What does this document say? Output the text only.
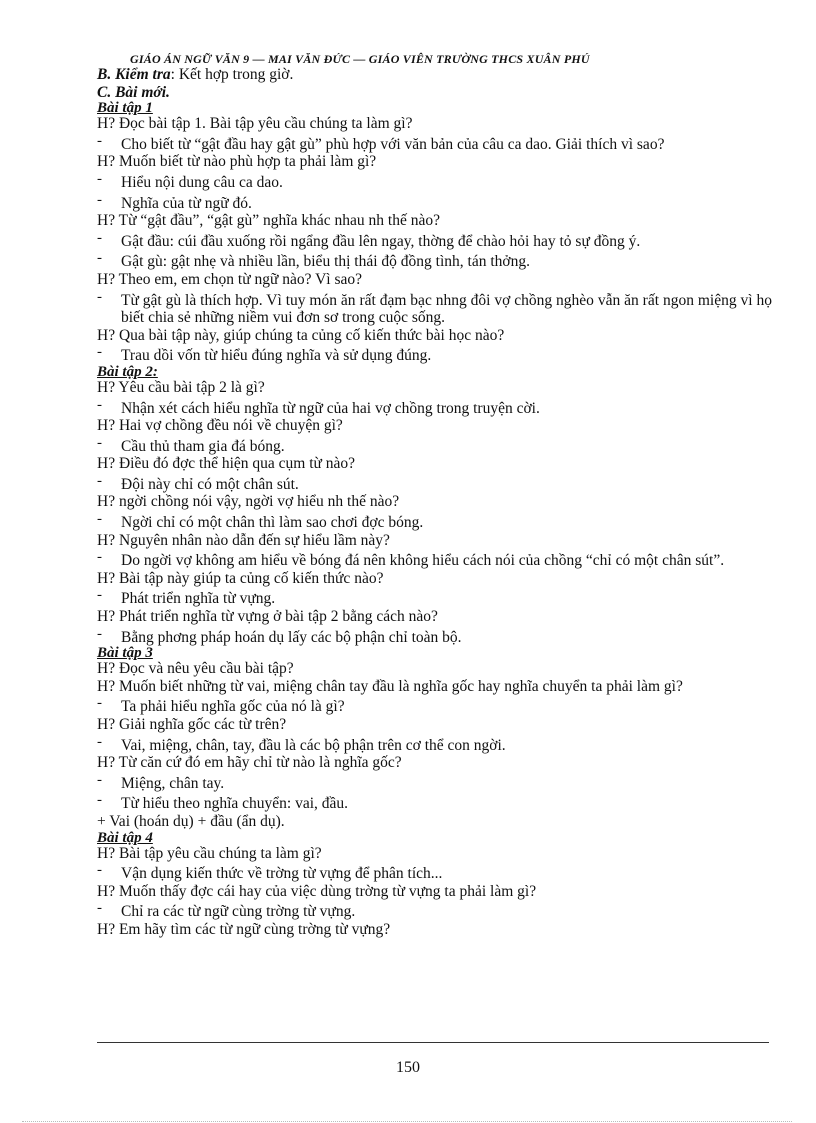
GIÁO ÁN NGỮ VĂN 9 — MAI VĂN ĐỨC — GIÁO VIÊN TRƯỜNG THCS XUÂN PHÚ
B. Kiểm tra: Kết hợp trong giờ.
C. Bài mới.
Bài tập 1
H? Đọc bài tập 1. Bài tập yêu cầu chúng ta làm gì?
- Cho biết từ “gật đầu hay gật gù” phù hợp với văn bản của câu ca dao. Giải thích vì sao?
H? Muốn biết từ nào phù hợp ta phải làm gì?
- Hiểu nội dung câu ca dao.
- Nghĩa của từ ngữ đó.
H? Từ “gật đầu”, “gật gù” nghĩa khác nhau nh thế nào?
- Gật đầu: cúi đầu xuống rồi ngẩng đầu lên ngay, thờng để chào hỏi hay tỏ sự đồng ý.
- Gật gù: gật nhẹ và nhiều lần, biểu thị thái độ đồng tình, tán thởng.
H? Theo em, em chọn từ ngữ nào? Vì sao?
- Từ gật gù là thích hợp. Vì tuy món ăn rất đạm bạc nhng đôi vợ chồng nghèo vẫn ăn rất ngon miệng vì họ biết chia sẻ những niềm vui đơn sơ trong cuộc sống.
H? Qua bài tập này, giúp chúng ta củng cố kiến thức bài học nào?
- Trau dồi vốn từ hiểu đúng nghĩa và sử dụng đúng.
Bài tập 2:
H? Yêu cầu bài tập 2 là gì?
- Nhận xét cách hiểu nghĩa từ ngữ của hai vợ chồng trong truyện cời.
H? Hai vợ chồng đều nói về chuyện gì?
- Cầu thủ tham gia đá bóng.
H? Điều đó đợc thể hiện qua cụm từ nào?
- Đội này chỉ có một chân sút.
H? ngời chồng nói vậy, ngời vợ hiểu nh thế nào?
- Ngời chỉ có một chân thì làm sao chơi đợc bóng.
H? Nguyên nhân nào dẫn đến sự hiểu lầm này?
- Do ngời vợ không am hiểu về bóng đá nên không hiểu cách nói của chồng “chỉ có một chân sút”.
H? Bài tập này giúp ta củng cố kiến thức nào?
- Phát triển nghĩa từ vựng.
H? Phát triển nghĩa từ vựng ở bài tập 2 bằng cách nào?
- Bằng phơng pháp hoán dụ lấy các bộ phận chỉ toàn bộ.
Bài tập 3
H? Đọc và nêu yêu cầu bài tập?
H? Muốn biết những từ vai, miệng chân tay đầu là nghĩa gốc hay nghĩa chuyển ta phải làm gì?
- Ta phải hiểu nghĩa gốc của nó là gì?
H? Giải nghĩa gốc các từ trên?
- Vai, miệng, chân, tay, đầu là các bộ phận trên cơ thể con ngời.
H? Từ căn cứ đó em hãy chỉ từ nào là nghĩa gốc?
- Miệng, chân tay.
- Từ hiểu theo nghĩa chuyển: vai, đầu.
+ Vai (hoán dụ) + đầu (ẩn dụ).
Bài tập 4
H? Bài tập yêu cầu chúng ta làm gì?
- Vận dụng kiến thức về trờng từ vựng để phân tích...
H? Muốn thấy đợc cái hay của việc dùng trờng từ vựng ta phải làm gì?
- Chỉ ra các từ ngữ cùng trờng từ vựng.
H? Em hãy tìm các từ ngữ cùng trờng từ vựng?
150
